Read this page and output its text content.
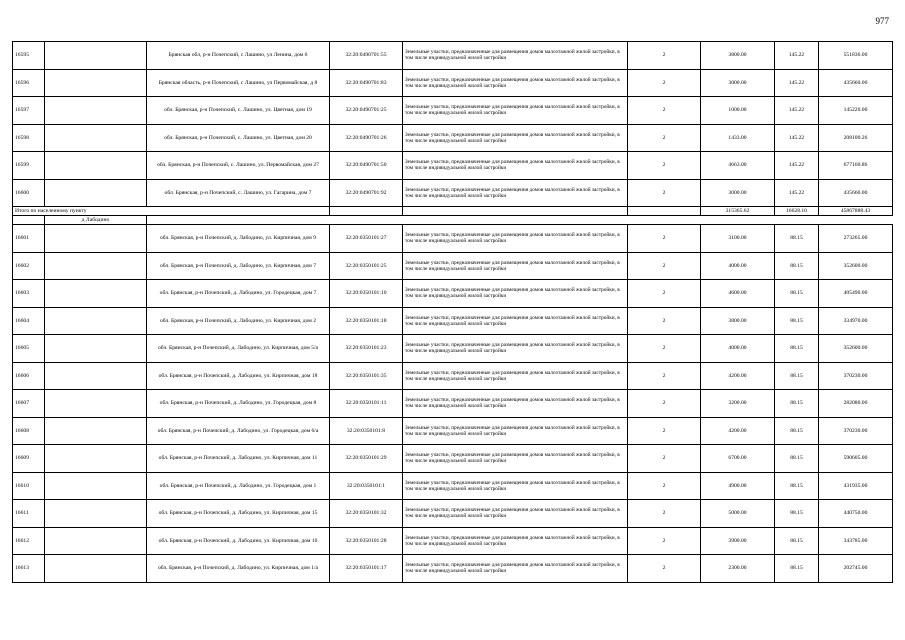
977
16595		Брянская обл, р-н Почепский, с Лашино, ул Ленина, дом 6	32:20:0490701:55	Земельные участки, предназначенные для размещения домов малоэтажной жилой застройки, в том числе индивидуальной жилой застройки	2	3800.00	145.22	551836.00
16596		Брянская область, р-н Почепский, с Лашино, ул Первомайская, д 8	32:20:0490701:83	Земельные участки, предназначенные для размещения домов малоэтажной жилой застройки, в том числе индивидуальной жилой застройки	2	3000.00	145.22	435660.00
16597		обл. Брянская, р-н Почепский, с. Лашино, ул. Цветная, дом 19	32:20:0490701:25	Земельные участки, предназначенные для размещения домов малоэтажной жилой застройки, в том числе индивидуальной жилой застройки	2	1000.00	145.22	145220.00
16598		обл. Брянская, р-н Почепский, с. Лашино, ул. Цветная, дом 20	32:20:0490701:26	Земельные участки, предназначенные для размещения домов малоэтажной жилой застройки, в том числе индивидуальной жилой застройки	2	1433.00	145.22	208100.26
16599		обл. Брянская, р-н Почепский, с. Лашино, ул. Первомайская, дом 27	32:20:0490701:50	Земельные участки, предназначенные для размещения домов малоэтажной жилой застройки, в том числе индивидуальной жилой застройки	2	4663.00	145.22	677160.86
16600		обл. Брянская, р-н Почепский, с. Лашино, ул. Гагарина, дом 7	32:20:0490701:92	Земельные участки, предназначенные для размещения домов малоэтажной жилой застройки, в том числе индивидуальной жилой застройки	2	3000.00	145.22	435660.00
Итого по населенному пункту						315365.62	16628.10	45867888.43
	д Лабодино							
16601		обл. Брянская, р-н Почепский, д. Лабодино, ул. Кирпичная, дом 9	32:20:0350101:27	Земельные участки, предназначенные для размещения домов малоэтажной жилой застройки, в том числе индивидуальной жилой застройки	2	3100.00	88.15	273265.00
16602		обл. Брянская, р-н Почепский, д. Лабодино, ул. Кирпичная, дом 7	32:20:0350101:25	Земельные участки, предназначенные для размещения домов малоэтажной жилой застройки, в том числе индивидуальной жилой застройки	2	4000.00	88.15	352600.00
16603		обл. Брянская, р-н Почепский, д. Лабодино, ул. Городецкая, дом 7	32:20:0350101:10	Земельные участки, предназначенные для размещения домов малоэтажной жилой застройки, в том числе индивидуальной жилой застройки	2	4600.00	88.15	405490.00
16604		обл. Брянская, р-н Почепский, д. Лабодино, ул. Кирпичная, дом 2	32:20:0350101:18	Земельные участки, предназначенные для размещения домов малоэтажной жилой застройки, в том числе индивидуальной жилой застройки	2	3800.00	88.15	334970.00
16605		обл. Брянская, р-н Почепский, д. Лабодино, ул. Кирпичная, дом 5/а	32:20:0350101:23	Земельные участки, предназначенные для размещения домов малоэтажной жилой застройки, в том числе индивидуальной жилой застройки	2	4000.00	88.15	352600.00
16606		обл. Брянская, р-н Почепский, д. Лабодино, ул. Кирпичная, дом 18	32:20:0350101:35	Земельные участки, предназначенные для размещения домов малоэтажной жилой застройки, в том числе индивидуальной жилой застройки	2	4200.00	88.15	370230.00
16607		обл. Брянская, р-н Почепский, д. Лабодино, ул. Городецкая, дом 8	32:20:0350101:11	Земельные участки, предназначенные для размещения домов малоэтажной жилой застройки, в том числе индивидуальной жилой застройки	2	3200.00	88.15	282080.00
16608		обл. Брянская, р-н Почепский, д. Лабодино, ул. Городецкая, дом 6/а	32:20:0350101:8	Земельные участки, предназначенные для размещения домов малоэтажной жилой застройки, в том числе индивидуальной жилой застройки	2	4200.00	88.15	370230.00
16609		обл. Брянская, р-н Почепский, д. Лабодино, ул. Кирпичная, дом 11	32:20:0350101:29	Земельные участки, предназначенные для размещения домов малоэтажной жилой застройки, в том числе индивидуальной жилой застройки	2	6700.00	88.15	590605.00
16610		обл. Брянская, р-н Почепский, д. Лабодино, ул. Городецкая, дом 1	32:20:0350101:1	Земельные участки, предназначенные для размещения домов малоэтажной жилой застройки, в том числе индивидуальной жилой застройки	2	4900.00	88.15	431935.00
16611		обл. Брянская, р-н Почепский, д. Лабодино, ул. Кирпичная, дом 15	32:20:0350101:32	Земельные участки, предназначенные для размещения домов малоэтажной жилой застройки, в том числе индивидуальной жилой застройки	2	5000.00	88.15	440750.00
16612		обл. Брянская, р-н Почепский, д. Лабодино, ул. Кирпичная, дом 10	32:20:0350101:28	Земельные участки, предназначенные для размещения домов малоэтажной жилой застройки, в том числе индивидуальной жилой застройки	2	3900.00	88.15	343785.00
16613		обл. Брянская, р-н Почепский, д. Лабодино, ул. Кирпичная, дом 1/а	32:20:0350101:17	Земельные участки, предназначенные для размещения домов малоэтажной жилой застройки, в том числе индивидуальной жилой застройки	2	2300.00	88.15	202745.00
